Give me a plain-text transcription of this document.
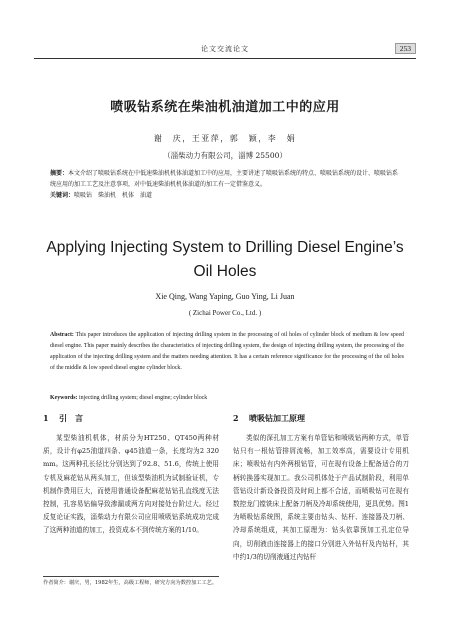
论文交流论文	253
喷吸钻系统在柴油机油道加工中的应用
谢　庆，王亚萍，郭　颖，李　娟
（淄柴动力有限公司，淄博 25500）
摘要：本文介绍了喷吸钻系统在中低速柴油机机体油道加工中的应用，主要讲述了喷吸钻系统的特点、喷吸钻系统的设计、喷吸钻系统应用的加工工艺及注意事项，对中低速柴油机机体油道的加工有一定借鉴意义。
关键词：喷吸钻　柴油机　机体　油道
Applying Injecting System to Drilling Diesel Engine’s Oil Holes
Xie Qing, Wang Yaping, Guo Ying, Li Juan
( Zichai Power Co., Ltd. )
Abstract: This paper introduces the application of injecting drilling system in the processing of oil holes of cylinder block of medium & low speed diesel engine. This paper mainly describes the characteristics of injecting drilling system, the design of injecting drilling system, the processing of the application of the injecting drilling system and the matters needing attention. It has a certain reference significance for the processing of the oil holes of the middle & low speed diesel engine cylinder block.
Keywords: injecting drilling system; diesel engine; cylinder block
1 引　言
某型柴油机机体，材质分为HT250、QT450两种材质，设计有φ25油道四条、φ45油道一条，长度均为2 320 mm。这两种孔长径比分别达到了92.8、51.6，传统上使用专机及麻花钻从两头加工，但该型柴油机为试制验证机，专机制作费用巨大，而使用普通设备配麻花钻钻孔直线度无法控制，孔容易钻偏导致渗漏或两方向对接处台阶过大。经过反复论证实践，淄柴动力有限公司应用喷吸钻系统成功完成了这两种油道的加工，投资成本不到传统方案的1/10。
2 喷吸钻加工原理
类似的深孔加工方案有单管钻和喷吸钻两种方式，单管钻只有一根钻管排屑流畅，加工效率高，需要设计专用机床；喷吸钻有内外两根钻管，可在现有设备上配备适合的刀柄转换器实现加工。我公司机体处于产品试制阶段，利用单管钻设计新设备投资及时间上都不合适，而喷吸钻可在现有数控龙门镗铣床上配备刀柄及冷却系统使用，更具优势。图1为喷吸钻系统图，系统主要由钻头、钻杆、连接器及刀柄、冷却系统组成，其加工原理为：钻头依靠预加工孔定位导向，切削液由连接器上的接口分别进入外钻杆及内钻杆，其中约1/3的切削液通过内钻杆
作者简介：谢庆，男，1982年生，高级工程师，研究方向为数控加工工艺。
